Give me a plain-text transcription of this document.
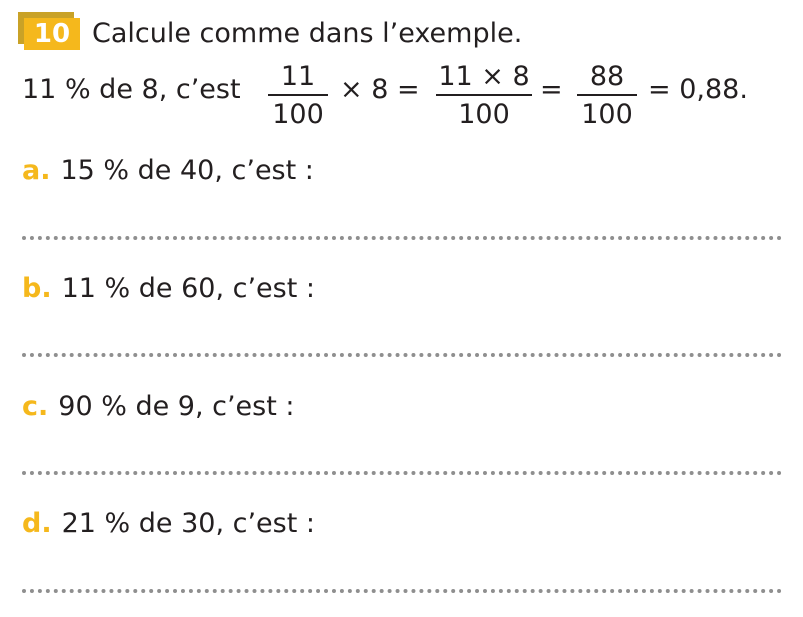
10 Calcule comme dans l’exemple.
11 % de 8, c’est	11
100
× 8 = 11 × 8
100
=	88
100
= 0,88.
a. 15 % de 40, c’est :
b. 11 % de 60, c’est :
c. 90 % de 9, c’est :
d. 21 % de 30, c’est :
